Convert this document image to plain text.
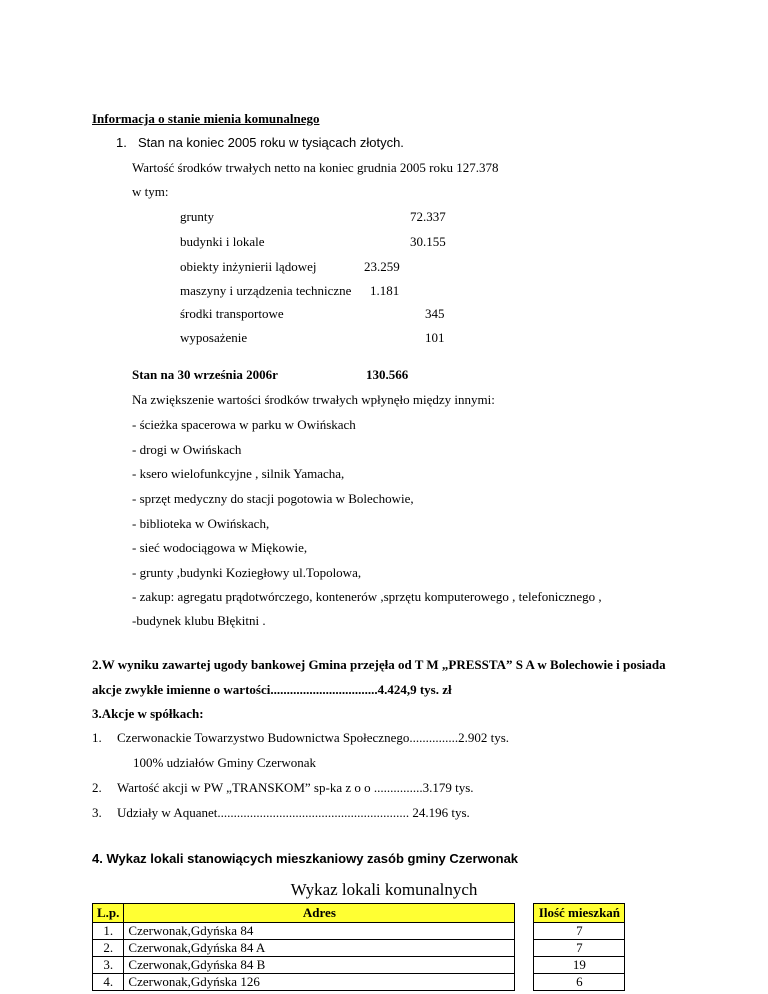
Informacja o stanie mienia komunalnego
1. Stan na koniec 2005 roku w tysiącach złotych.
Wartość środków trwałych netto na koniec grudnia 2005 roku 127.378
w tym:
grunty	72.337
budynki i lokale	30.155
obiekty inżynierii lądowej	23.259
maszyny i urządzenia techniczne 1.181
środki transportowe	345
wyposażenie	101
Stan na 30 września 2006r	130.566
Na zwiększenie wartości środków trwałych wpłynęło między innymi:
- ścieżka spacerowa w parku w Owińskach
- drogi w Owińskach
- ksero wielofunkcyjne , silnik Yamacha,
- sprzęt medyczny do stacji pogotowia w Bolechowie,
- biblioteka w Owińskach,
- sieć wodociągowa w Miękowie,
- grunty ,budynki Koziegłowy ul.Topolowa,
- zakup: agregatu prądotwórczego, kontenerów ,sprzętu komputerowego , telefonicznego ,
-budynek klubu Błękitni .
2.W wyniku zawartej ugody bankowej Gmina przejęła od T M „PRESSTA” S A w Bolechowie i posiada
akcje zwykłe imienne o wartości.................................4.424,9 tys. zł
3.Akcje w spółkach:
1. Czerwonackie Towarzystwo Budownictwa Społecznego...............2.902 tys.
100% udziałów Gminy Czerwonak
2. Wartość akcji w PW „TRANSKOM” sp-ka z o o ...............3.179 tys.
3. Udziały w Aquanet........................................................... 24.196 tys.
4. Wykaz lokali stanowiących mieszkaniowy zasób gminy Czerwonak
Wykaz lokali komunalnych
L.p.	Adres		Ilość mieszkań
1.	Czerwonak,Gdyńska 84		7
2.	Czerwonak,Gdyńska 84 A		7
3.	Czerwonak,Gdyńska 84 B		19
4.	Czerwonak,Gdyńska 126		6
